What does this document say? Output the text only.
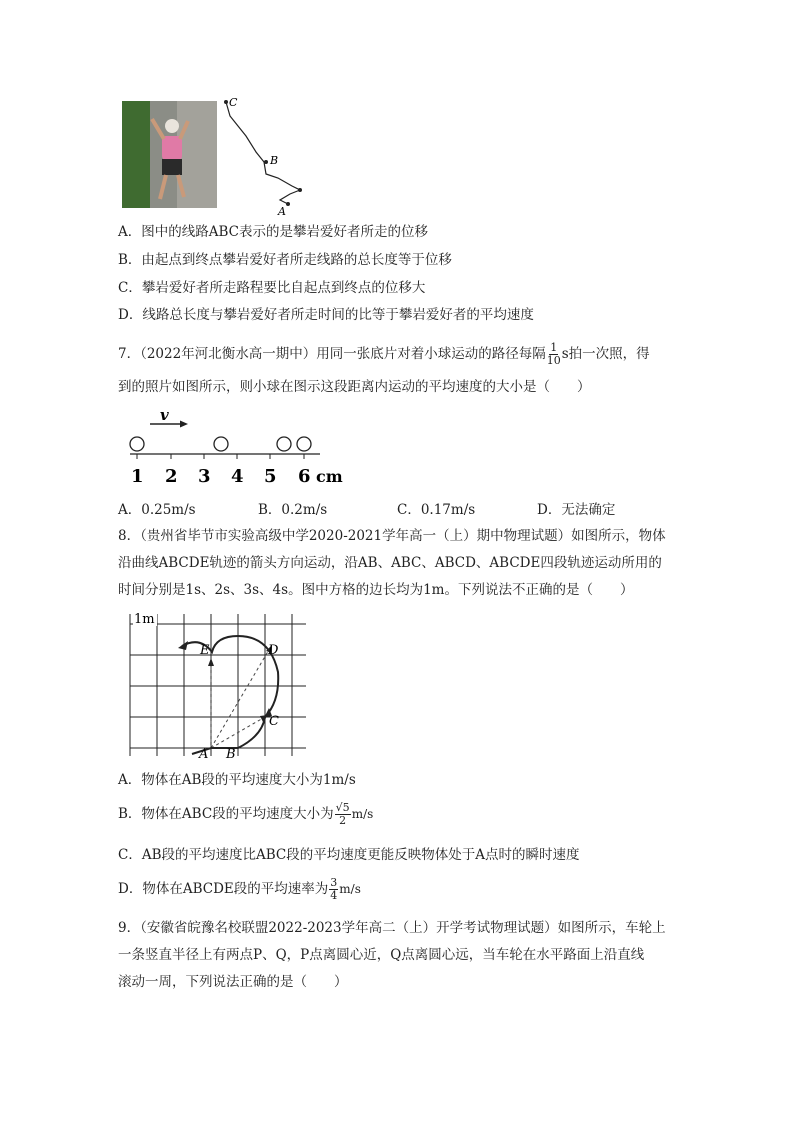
C
B
A
A．图中的线路ABC表示的是攀岩爱好者所走的位移
B．由起点到终点攀岩爱好者所走线路的总长度等于位移
C．攀岩爱好者所走路程要比自起点到终点的位移大
D．线路总长度与攀岩爱好者所走时间的比等于攀岩爱好者的平均速度
7．（2022年河北衡水高一期中）用同一张底片对着小球运动的路径每隔 $\frac{1}{10}$ s拍一次照，得
到的照片如图所示，则小球在图示这段距离内运动的平均速度的大小是（　　）
v
1 2 3 4 5 6 cm
A．0.25m/s	B．0.2m/s	C．0.17m/s	D．无法确定
8．（贵州省毕节市实验高级中学2020-2021学年高一（上）期中物理试题）如图所示，物体
沿曲线ABCDE轨迹的箭头方向运动，沿AB、ABC、ABCD、ABCDE四段轨迹运动所用的
时间分别是1s、2s、3s、4s。图中方格的边长均为1m。下列说法不正确的是（　　）
1m
A B
C
D
E
A．物体在AB段的平均速度大小为1m/s
B．物体在ABC段的平均速度大小为 $\frac{√5}{2} m/s$
C．AB段的平均速度比ABC段的平均速度更能反映物体处于A点时的瞬时速度
D．物体在ABCDE段的平均速率为 $\frac{3}{4} m/s$
9．（安徽省皖豫名校联盟2022-2023学年高二（上）开学考试物理试题）如图所示，车轮上
一条竖直半径上有两点P、Q，P点离圆心近，Q点离圆心远，当车轮在水平路面上沿直线
滚动一周，下列说法正确的是（　　）
